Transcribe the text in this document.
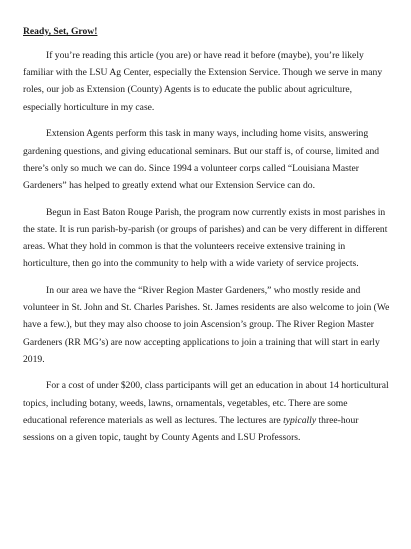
Ready, Set, Grow!

If you’re reading this article (you are) or have read it before (maybe), you’re likely familiar with the LSU Ag Center, especially the Extension Service. Though we serve in many roles, our job as Extension (County) Agents is to educate the public about agriculture, especially horticulture in my case.

Extension Agents perform this task in many ways, including home visits, answering gardening questions, and giving educational seminars. But our staff is, of course, limited and there’s only so much we can do. Since 1994 a volunteer corps called “Louisiana Master Gardeners” has helped to greatly extend what our Extension Service can do.

Begun in East Baton Rouge Parish, the program now currently exists in most parishes in the state. It is run parish-by-parish (or groups of parishes) and can be very different in different areas. What they hold in common is that the volunteers receive extensive training in horticulture, then go into the community to help with a wide variety of service projects.

In our area we have the “River Region Master Gardeners,” who mostly reside and volunteer in St. John and St. Charles Parishes. St. James residents are also welcome to join (We have a few.), but they may also choose to join Ascension’s group. The River Region Master Gardeners (RR MG’s) are now accepting applications to join a training that will start in early 2019.

For a cost of under $200, class participants will get an education in about 14 horticultural topics, including botany, weeds, lawns, ornamentals, vegetables, etc. There are some educational reference materials as well as lectures. The lectures are typically three-hour sessions on a given topic, taught by County Agents and LSU Professors.
